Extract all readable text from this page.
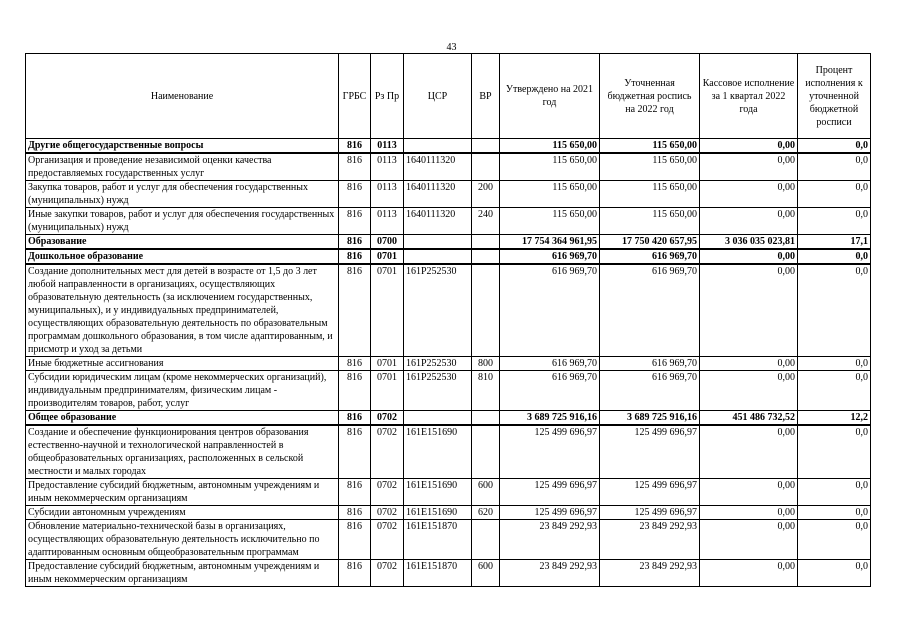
43
Наименование	ГРБС	Рз Пр	ЦСР	ВР	Утверждено на 2021 год	Уточненная бюджетная роспись на 2022 год	Кассовое исполнение за 1 квартал 2022 года	Процент исполнения к уточненной бюджетной росписи
Другие общегосударственные вопросы	816	0113			115 650,00	115 650,00	0,00	0,0
Организация и проведение независимой оценки качества предоставляемых государственных услуг	816	0113	1640111320		115 650,00	115 650,00	0,00	0,0
Закупка товаров, работ и услуг для обеспечения государственных (муниципальных) нужд	816	0113	1640111320	200	115 650,00	115 650,00	0,00	0,0
Иные закупки товаров, работ и услуг для обеспечения государственных (муниципальных) нужд	816	0113	1640111320	240	115 650,00	115 650,00	0,00	0,0
Образование	816	0700			17 754 364 961,95	17 750 420 657,95	3 036 035 023,81	17,1
Дошкольное образование	816	0701			616 969,70	616 969,70	0,00	0,0
Создание дополнительных мест для детей в возрасте от 1,5 до 3 лет любой направленности в организациях, осуществляющих образовательную деятельность (за исключением государственных, муниципальных), и у индивидуальных предпринимателей, осуществляющих образовательную деятельность по образовательным программам дошкольного образования, в том числе адаптированным, и присмотр и уход за детьми	816	0701	161P252530		616 969,70	616 969,70	0,00	0,0
Иные бюджетные ассигнования	816	0701	161P252530	800	616 969,70	616 969,70	0,00	0,0
Субсидии юридическим лицам (кроме некоммерческих организаций), индивидуальным предпринимателям, физическим лицам - производителям товаров, работ, услуг	816	0701	161P252530	810	616 969,70	616 969,70	0,00	0,0
Общее образование	816	0702			3 689 725 916,16	3 689 725 916,16	451 486 732,52	12,2
Создание и обеспечение функционирования центров образования естественно-научной и технологической направленностей в общеобразовательных организациях, расположенных в сельской местности и малых городах	816	0702	161E151690		125 499 696,97	125 499 696,97	0,00	0,0
Предоставление субсидий бюджетным, автономным учреждениям и иным некоммерческим организациям	816	0702	161E151690	600	125 499 696,97	125 499 696,97	0,00	0,0
Субсидии автономным учреждениям	816	0702	161E151690	620	125 499 696,97	125 499 696,97	0,00	0,0
Обновление материально-технической базы в организациях, осуществляющих образовательную деятельность исключительно по адаптированным основным общеобразовательным программам	816	0702	161E151870		23 849 292,93	23 849 292,93	0,00	0,0
Предоставление субсидий бюджетным, автономным учреждениям и иным некоммерческим организациям	816	0702	161E151870	600	23 849 292,93	23 849 292,93	0,00	0,0
